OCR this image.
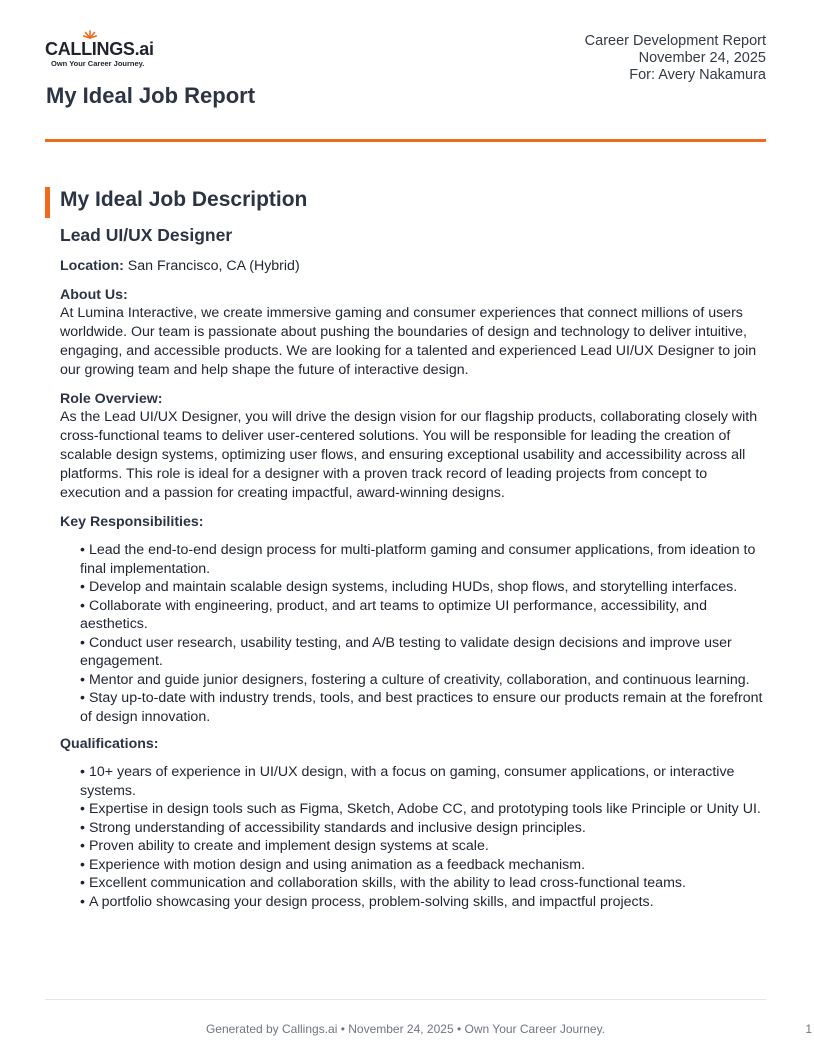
CALLINGS.ai
Own Your Career Journey.
My Ideal Job Report
Career Development Report
November 24, 2025
For: Avery Nakamura
My Ideal Job Description
Lead UI/UX Designer
Location: San Francisco, CA (Hybrid)
About Us:
At Lumina Interactive, we create immersive gaming and consumer experiences that connect millions of users worldwide. Our team is passionate about pushing the boundaries of design and technology to deliver intuitive, engaging, and accessible products. We are looking for a talented and experienced Lead UI/UX Designer to join our growing team and help shape the future of interactive design.
Role Overview:
As the Lead UI/UX Designer, you will drive the design vision for our flagship products, collaborating closely with cross-functional teams to deliver user-centered solutions. You will be responsible for leading the creation of scalable design systems, optimizing user flows, and ensuring exceptional usability and accessibility across all platforms. This role is ideal for a designer with a proven track record of leading projects from concept to execution and a passion for creating impactful, award-winning designs.
Key Responsibilities:
• Lead the end-to-end design process for multi-platform gaming and consumer applications, from ideation to final implementation.
• Develop and maintain scalable design systems, including HUDs, shop flows, and storytelling interfaces.
• Collaborate with engineering, product, and art teams to optimize UI performance, accessibility, and aesthetics.
• Conduct user research, usability testing, and A/B testing to validate design decisions and improve user engagement.
• Mentor and guide junior designers, fostering a culture of creativity, collaboration, and continuous learning.
• Stay up-to-date with industry trends, tools, and best practices to ensure our products remain at the forefront of design innovation.
Qualifications:
• 10+ years of experience in UI/UX design, with a focus on gaming, consumer applications, or interactive systems.
• Expertise in design tools such as Figma, Sketch, Adobe CC, and prototyping tools like Principle or Unity UI.
• Strong understanding of accessibility standards and inclusive design principles.
• Proven ability to create and implement design systems at scale.
• Experience with motion design and using animation as a feedback mechanism.
• Excellent communication and collaboration skills, with the ability to lead cross-functional teams.
• A portfolio showcasing your design process, problem-solving skills, and impactful projects.
Generated by Callings.ai • November 24, 2025 • Own Your Career Journey.	1
